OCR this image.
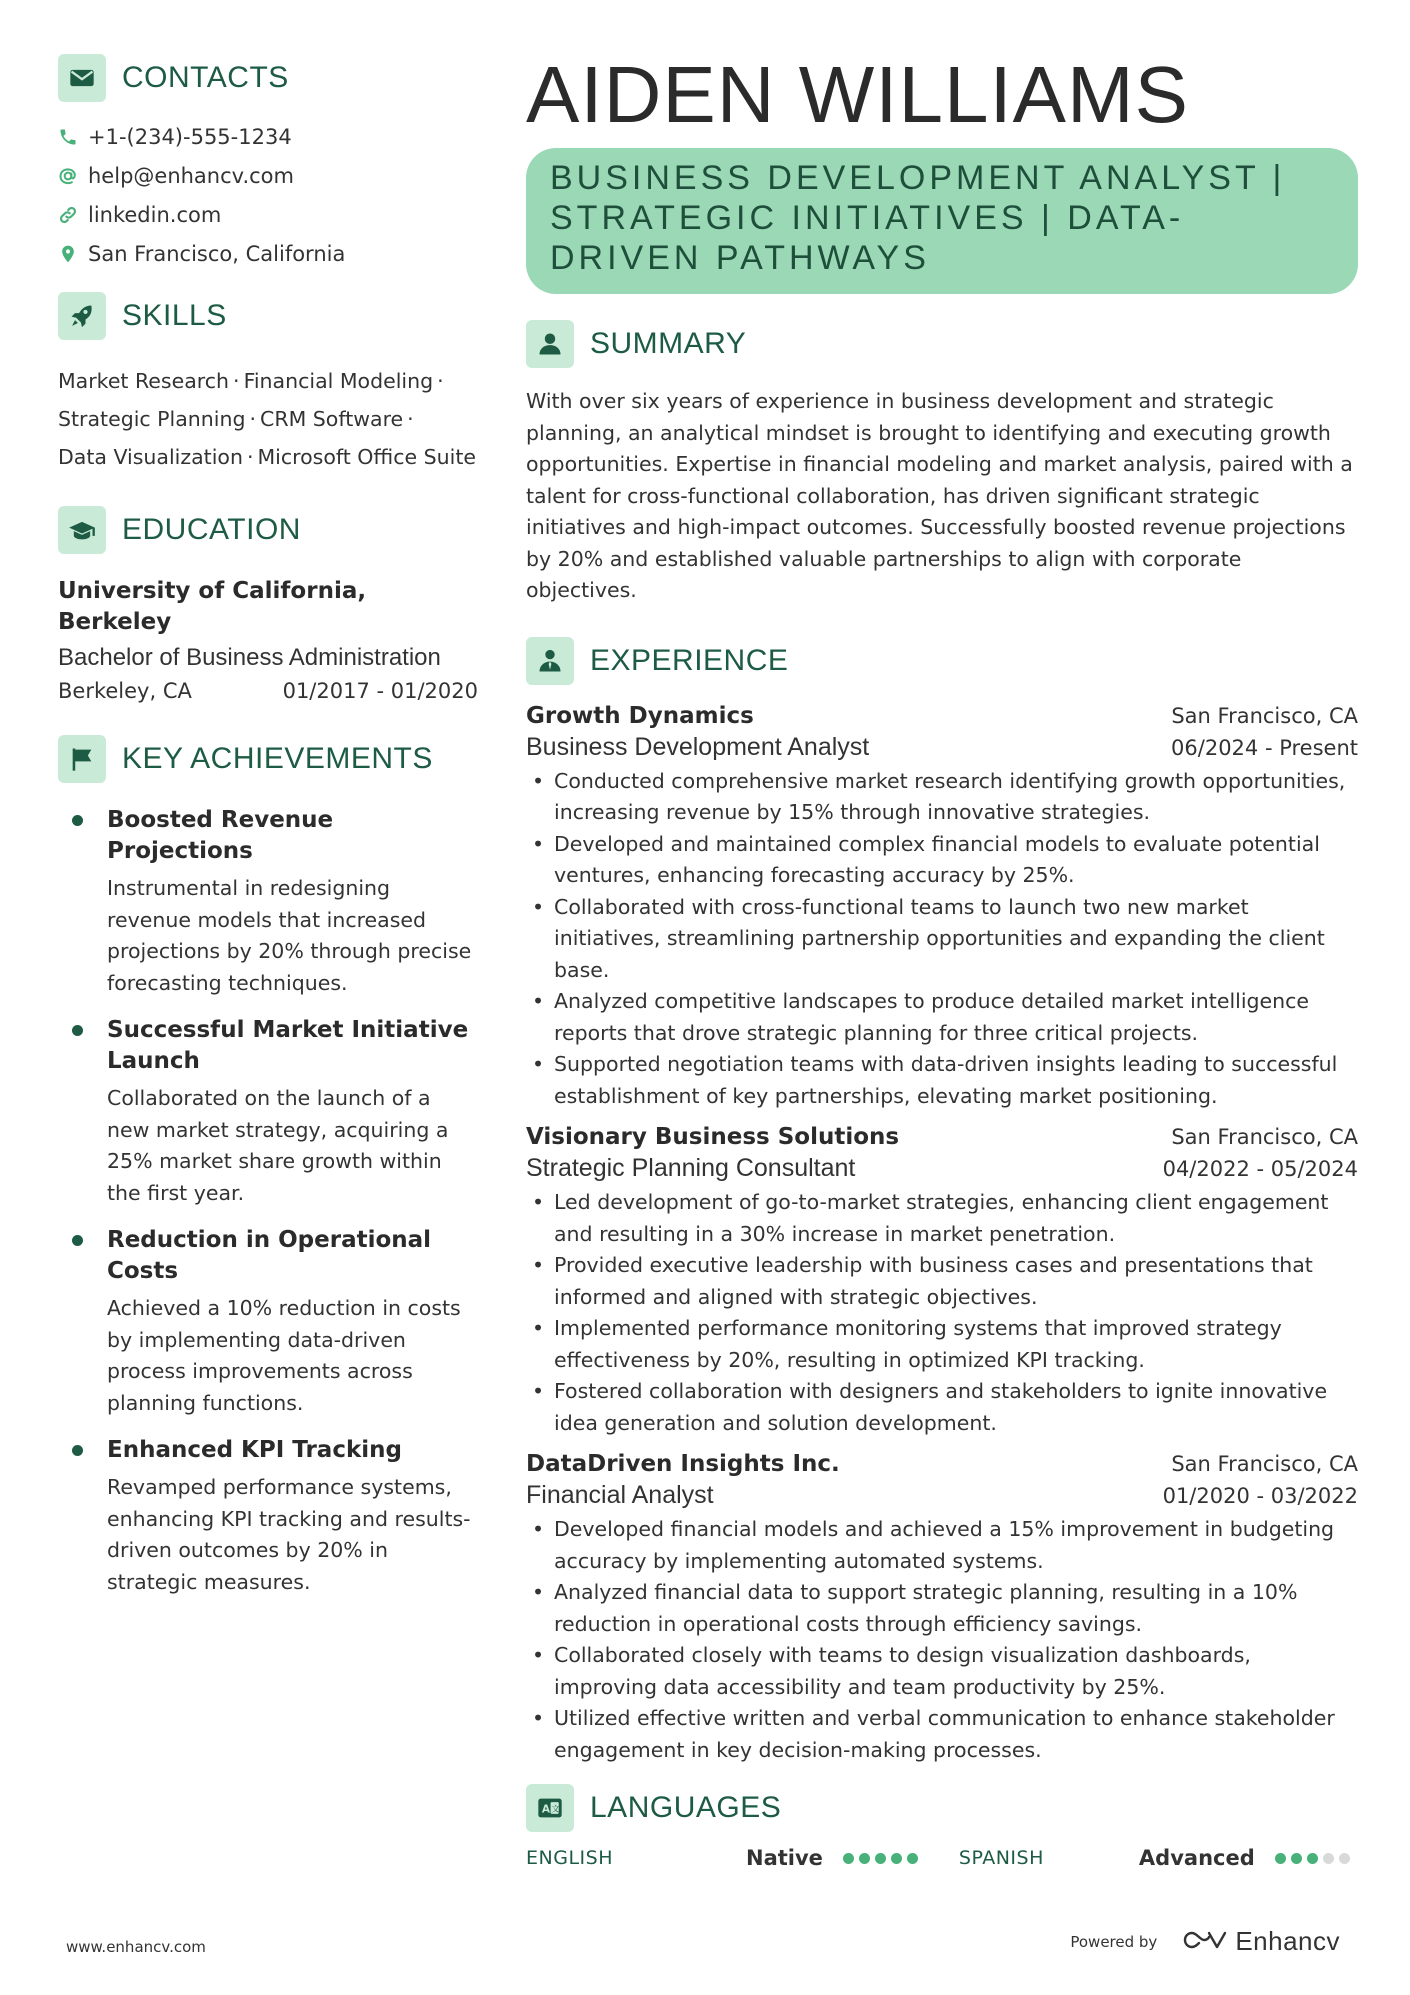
CONTACTS
+1-(234)-555-1234
help@enhancv.com
linkedin.com
San Francisco, California
SKILLS
Market Research · Financial Modeling ·
Strategic Planning · CRM Software ·
Data Visualization · Microsoft Office Suite
EDUCATION
University of California, Berkeley
Bachelor of Business Administration
Berkeley, CA	01/2017 - 01/2020
KEY ACHIEVEMENTS
Boosted Revenue Projections
Instrumental in redesigning revenue models that increased projections by 20% through precise forecasting techniques.
Successful Market Initiative Launch
Collaborated on the launch of a new market strategy, acquiring a 25% market share growth within the first year.
Reduction in Operational Costs
Achieved a 10% reduction in costs by implementing data-driven process improvements across planning functions.
Enhanced KPI Tracking
Revamped performance systems, enhancing KPI tracking and results-driven outcomes by 20% in strategic measures.
AIDEN WILLIAMS
BUSINESS DEVELOPMENT ANALYST | STRATEGIC INITIATIVES | DATA-DRIVEN PATHWAYS
SUMMARY

With over six years of experience in business development and strategic planning, an analytical mindset is brought to identifying and executing growth opportunities. Expertise in financial modeling and market analysis, paired with a talent for cross-functional collaboration, has driven significant strategic initiatives and high-impact outcomes. Successfully boosted revenue projections by 20% and established valuable partnerships to align with corporate objectives.

EXPERIENCE
Growth Dynamics	San Francisco, CA
Business Development Analyst	06/2024 - Present
• Conducted comprehensive market research identifying growth opportunities, increasing revenue by 15% through innovative strategies.
• Developed and maintained complex financial models to evaluate potential ventures, enhancing forecasting accuracy by 25%.
• Collaborated with cross-functional teams to launch two new market initiatives, streamlining partnership opportunities and expanding the client base.
• Analyzed competitive landscapes to produce detailed market intelligence reports that drove strategic planning for three critical projects.
• Supported negotiation teams with data-driven insights leading to successful establishment of key partnerships, elevating market positioning.
Visionary Business Solutions	San Francisco, CA
Strategic Planning Consultant	04/2022 - 05/2024
• Led development of go-to-market strategies, enhancing client engagement and resulting in a 30% increase in market penetration.
• Provided executive leadership with business cases and presentations that informed and aligned with strategic objectives.
• Implemented performance monitoring systems that improved strategy effectiveness by 20%, resulting in optimized KPI tracking.
• Fostered collaboration with designers and stakeholders to ignite innovative idea generation and solution development.
DataDriven Insights Inc.	San Francisco, CA
Financial Analyst	01/2020 - 03/2022
• Developed financial models and achieved a 15% improvement in budgeting accuracy by implementing automated systems.
• Analyzed financial data to support strategic planning, resulting in a 10% reduction in operational costs through efficiency savings.
• Collaborated closely with teams to design visualization dashboards, improving data accessibility and team productivity by 25%.
• Utilized effective written and verbal communication to enhance stakeholder engagement in key decision-making processes.
A 文 LANGUAGES
ENGLISH	Native	SPANISH	Advanced
www.enhancv.com	Powered by	Enhancv
